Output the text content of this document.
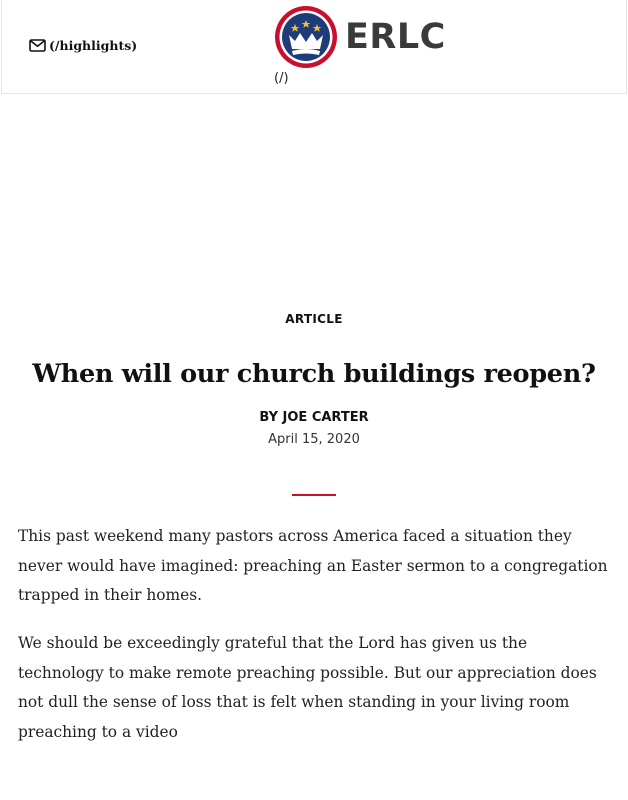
(/highlights)	ERLC
(/)
ARTICLE
When will our church buildings reopen?
BY JOE CARTER
April 15, 2020

This past weekend many pastors across America faced a situation they never would have imagined: preaching an Easter sermon to a congregation trapped in their homes.

We should be exceedingly grateful that the Lord has given us the technology to make remote preaching possible. But our appreciation does not dull the sense of loss that is felt when standing in your living room preaching to a video
